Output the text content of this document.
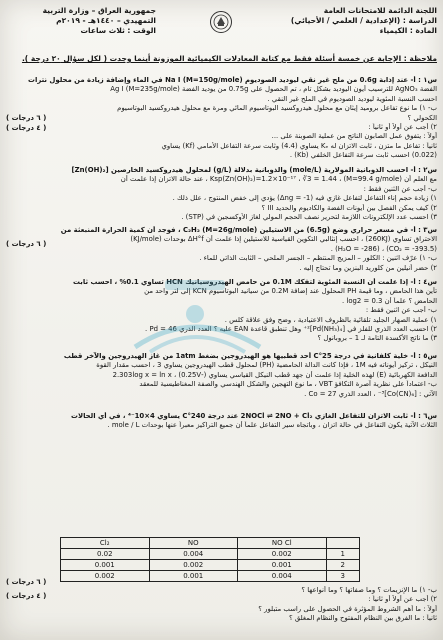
اللجنة الدائمة للامتحانات العامة
الدراسة : (الإعدادية / العلمي / الأحيائي)
المادة : الكيمياء
جمهورية العراق – وزارة التربية
التمهيدي – ١٤٤٠هـ - ٢٠١٩م
الوقت : ثلاث ساعات
ملاحظة : الإجابة عن خمسة أسئلة فقط مع كتابة المعادلات الكيميائية الموزونة أينما وجدت ( لكل سؤال ٢٠ درجة ).

س١ : أ- عند إذابة 0.6g من ملح غير نقي ليوديد الصوديوم Na I (M=150g/mole) في الماء وإضافة زيادة من محلول نترات

الفضة AgNO₃ للترسيب أيون اليوديد بشكل تام ، تم الحصول على 0.75g من يوديد الفضة Ag I (M=235g/mole)

احسب النسبة المئوية ليوديد الصوديوم في الملح غير النقي .

ب- ١) ما نوع تفاعل بروميد إيثان مع محلول هيدروكسيد البوتاسيوم المائي ومرة مع محلول هيدروكسيد البوتاسيوم

الكحولي ؟

٢) أجب عن أولاً أو ثانياً :

أولاً : يتفوق عمل الصابون الناتج من عملية الصوبنة على ...

ثانياً : تفاعل ما متزن ، ثابت الاتزان له Kₑ يساوي (4.4) وثابت سرعة التفاعل الأمامي (Kf) يساوي

(0.022) احسب ثابت سرعة التفاعل الخلفي (Kb) .

( ٦ درجات )
( ٤ درجات )

س٢ : أ- احسب الذوبانية المولارية (mole/L) والذوبانية بدلالة (g/L) لمحلول هيدروكسيد الخارصين [Zn(OH)₂]

مع العلم أن Ksp(Zn(OH)₂)=1.2×10⁻¹⁷ ، ∛3 = 1.44 ، (M=99.4 g/mole) ، عند حالة الاتزان إذا علمت أن

ب- أجب عن الثنين فقط :

١) زيادة حجم إناء التفاعل لتفاعل غازي فيه (Δng = -1) يؤدي إلى خفض المنتوج ، علل ذلك .

٢) كيف يمكن الفصل بين أيونات الفضة والكاديوم والحديد III ؟

٣) احسب عدد الإلكترونات اللازمة لتحرير نصف الحجم المولي لغاز الأوكسجين في (STP) .

س٣ : أ- في مسعر حراري وضع (6.5g) من الاستيلين C₂H₂ (M=26g/mole) ، فوجد أن كمية الحرارة المنبعثة من

الاحتراق تساوي (260KJ) ، احسب إنثالبي التكوين القياسية للاستيلين إذا علمت أن ΔH°f بوحدات (KJ/mole)

(CO₂ = -393.5) ، (H₂O = -286) .

ب- ١) عرّف اثنين : الكلور – المزيج المنتظم – الجسر الملحي – الثابت الذاتي للماء .

٢) حضر أنيلين من كلوريد البنزين وما تحتاج إليه .

( ٦ درجات )

س٤ : أ- إذا علمت أن النسبة المئوية لتفكك 0.1M من حامض الهيدروسيانيك HCN تساوي 0.1% ، احسب ثابت

تأين هذا الحامض ، وما قيمة PH المحلول عند إضافة 0.2M من سيانيد البوتاسيوم KCN إلى لتر واحد من

الحامض ؟ علماً أن log2 = 0.3 .

ب- أجب عن اثنين فقط :

١) عملية الصهار الجليد تلقائية بالظروف الاعتيادية ، وضح وفق علاقة كلس .

٢) احسب العدد الذري للفلز في [Pd(NH₃)₄]²⁺ وهل تنطبق قاعدة EAN عليه ؟ العدد الذري Pd = 46 .

٣) ما ناتج الأكسدة التامة لـ 1 – بروبانول ؟

س٥ : أ- خلية كلفانية في درجة 25°C أحد قطبيها هو الهيدروجين بضغط 1atm من غاز الهيدروجين والآخر قطب

النيكل ، تركيز أيوناته فيه 1M ، فإذا كانت الدالة الحامضية (PH) لمحلول قطب الهيدروجين يساوي 3 ، احسب مقدار القوة

الدافعة الكهربائية (E) لهذه الخلية إذا علمت أن جهد قطب النيكل القياسي يساوي (-0.25V) ، 2.303log x = ln x

ب- اعتماداً على نظرية آصرة التكافؤ VBT ، ما نوع التهجين والشكل الهندسي والصفة المغناطيسية للمعقد

الآتي : [Co(CN)₆]³⁻ ، العدد الذري Co = 27 .

س٦ : أ- ثابت الاتزان للتفاعل الغازي 2NOCl ⇌ 2NO + Cl₂ عند درجة 240°C يساوي 4×10⁻⁴ ، في أي الحالات

الثلاث الآتية يكون التفاعل في حالة اتزان ، وباتجاه سير التفاعل علماً أن جميع التراكيز معبراً عنها بوحدات mole / L .

Cl₂	NO	NO Cl	
0.02	0.004	0.002	1
0.001	0.002	0.001	2
0.002	0.001	0.004	3

ب- ١) ما الإنزيمات ؟ وما صفاتها ؟ وما أنواعها ؟

٢) أجب عن أولاً أو ثانياً :

أولاً : ما أهم الشروط المؤثرة في الحصول على راسب متبلور ؟

ثانياً : ما الفرق بين النظام المفتوح والنظام المغلق ؟

( ٦ درجات )
( ٤ درجات )
